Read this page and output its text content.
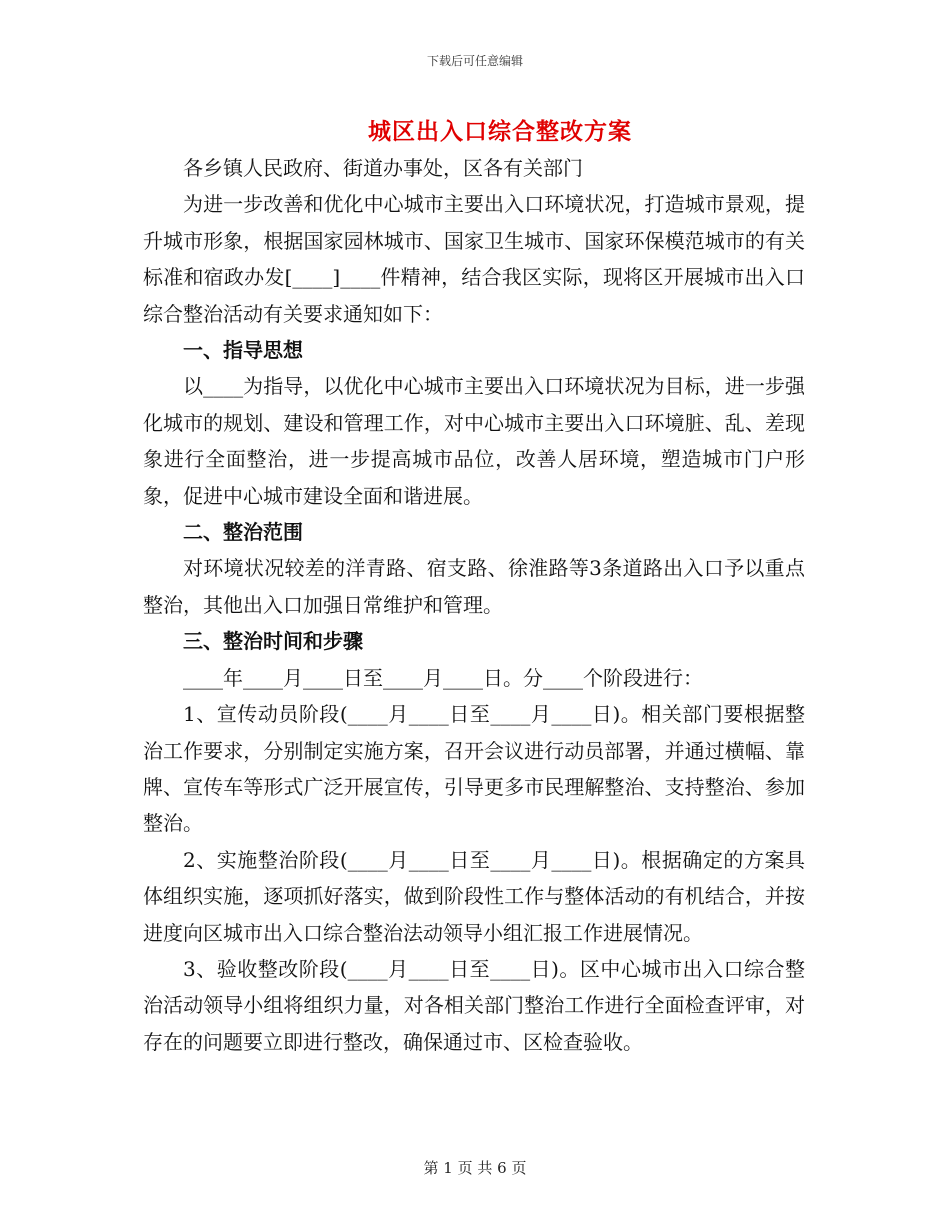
下载后可任意编辑
城区出入口综合整改方案

各乡镇人民政府、街道办事处，区各有关部门

为进一步改善和优化中心城市主要出入口环境状况，打造城市景观，提升城市形象，根据国家园林城市、国家卫生城市、国家环保模范城市的有关标准和宿政办发[____]____件精神，结合我区实际，现将区开展城市出入口综合整治活动有关要求通知如下：

一、指导思想

以____为指导，以优化中心城市主要出入口环境状况为目标，进一步强化城市的规划、建设和管理工作，对中心城市主要出入口环境脏、乱、差现象进行全面整治，进一步提高城市品位，改善人居环境，塑造城市门户形象，促进中心城市建设全面和谐进展。

二、整治范围

对环境状况较差的洋青路、宿支路、徐淮路等3条道路出入口予以重点整治，其他出入口加强日常维护和管理。

三、整治时间和步骤

____年____月____日至____月____日。分____个阶段进行：

1、宣传动员阶段(____月____日至____月____日)。相关部门要根据整治工作要求，分别制定实施方案，召开会议进行动员部署，并通过横幅、靠牌、宣传车等形式广泛开展宣传，引导更多市民理解整治、支持整治、参加整治。

2、实施整治阶段(____月____日至____月____日)。根据确定的方案具体组织实施，逐项抓好落实，做到阶段性工作与整体活动的有机结合，并按进度向区城市出入口综合整治法动领导小组汇报工作进展情况。

3、验收整改阶段(____月____日至____日)。区中心城市出入口综合整治活动领导小组将组织力量，对各相关部门整治工作进行全面检查评审，对存在的问题要立即进行整改，确保通过市、区检查验收。

第 1 页 共 6 页
